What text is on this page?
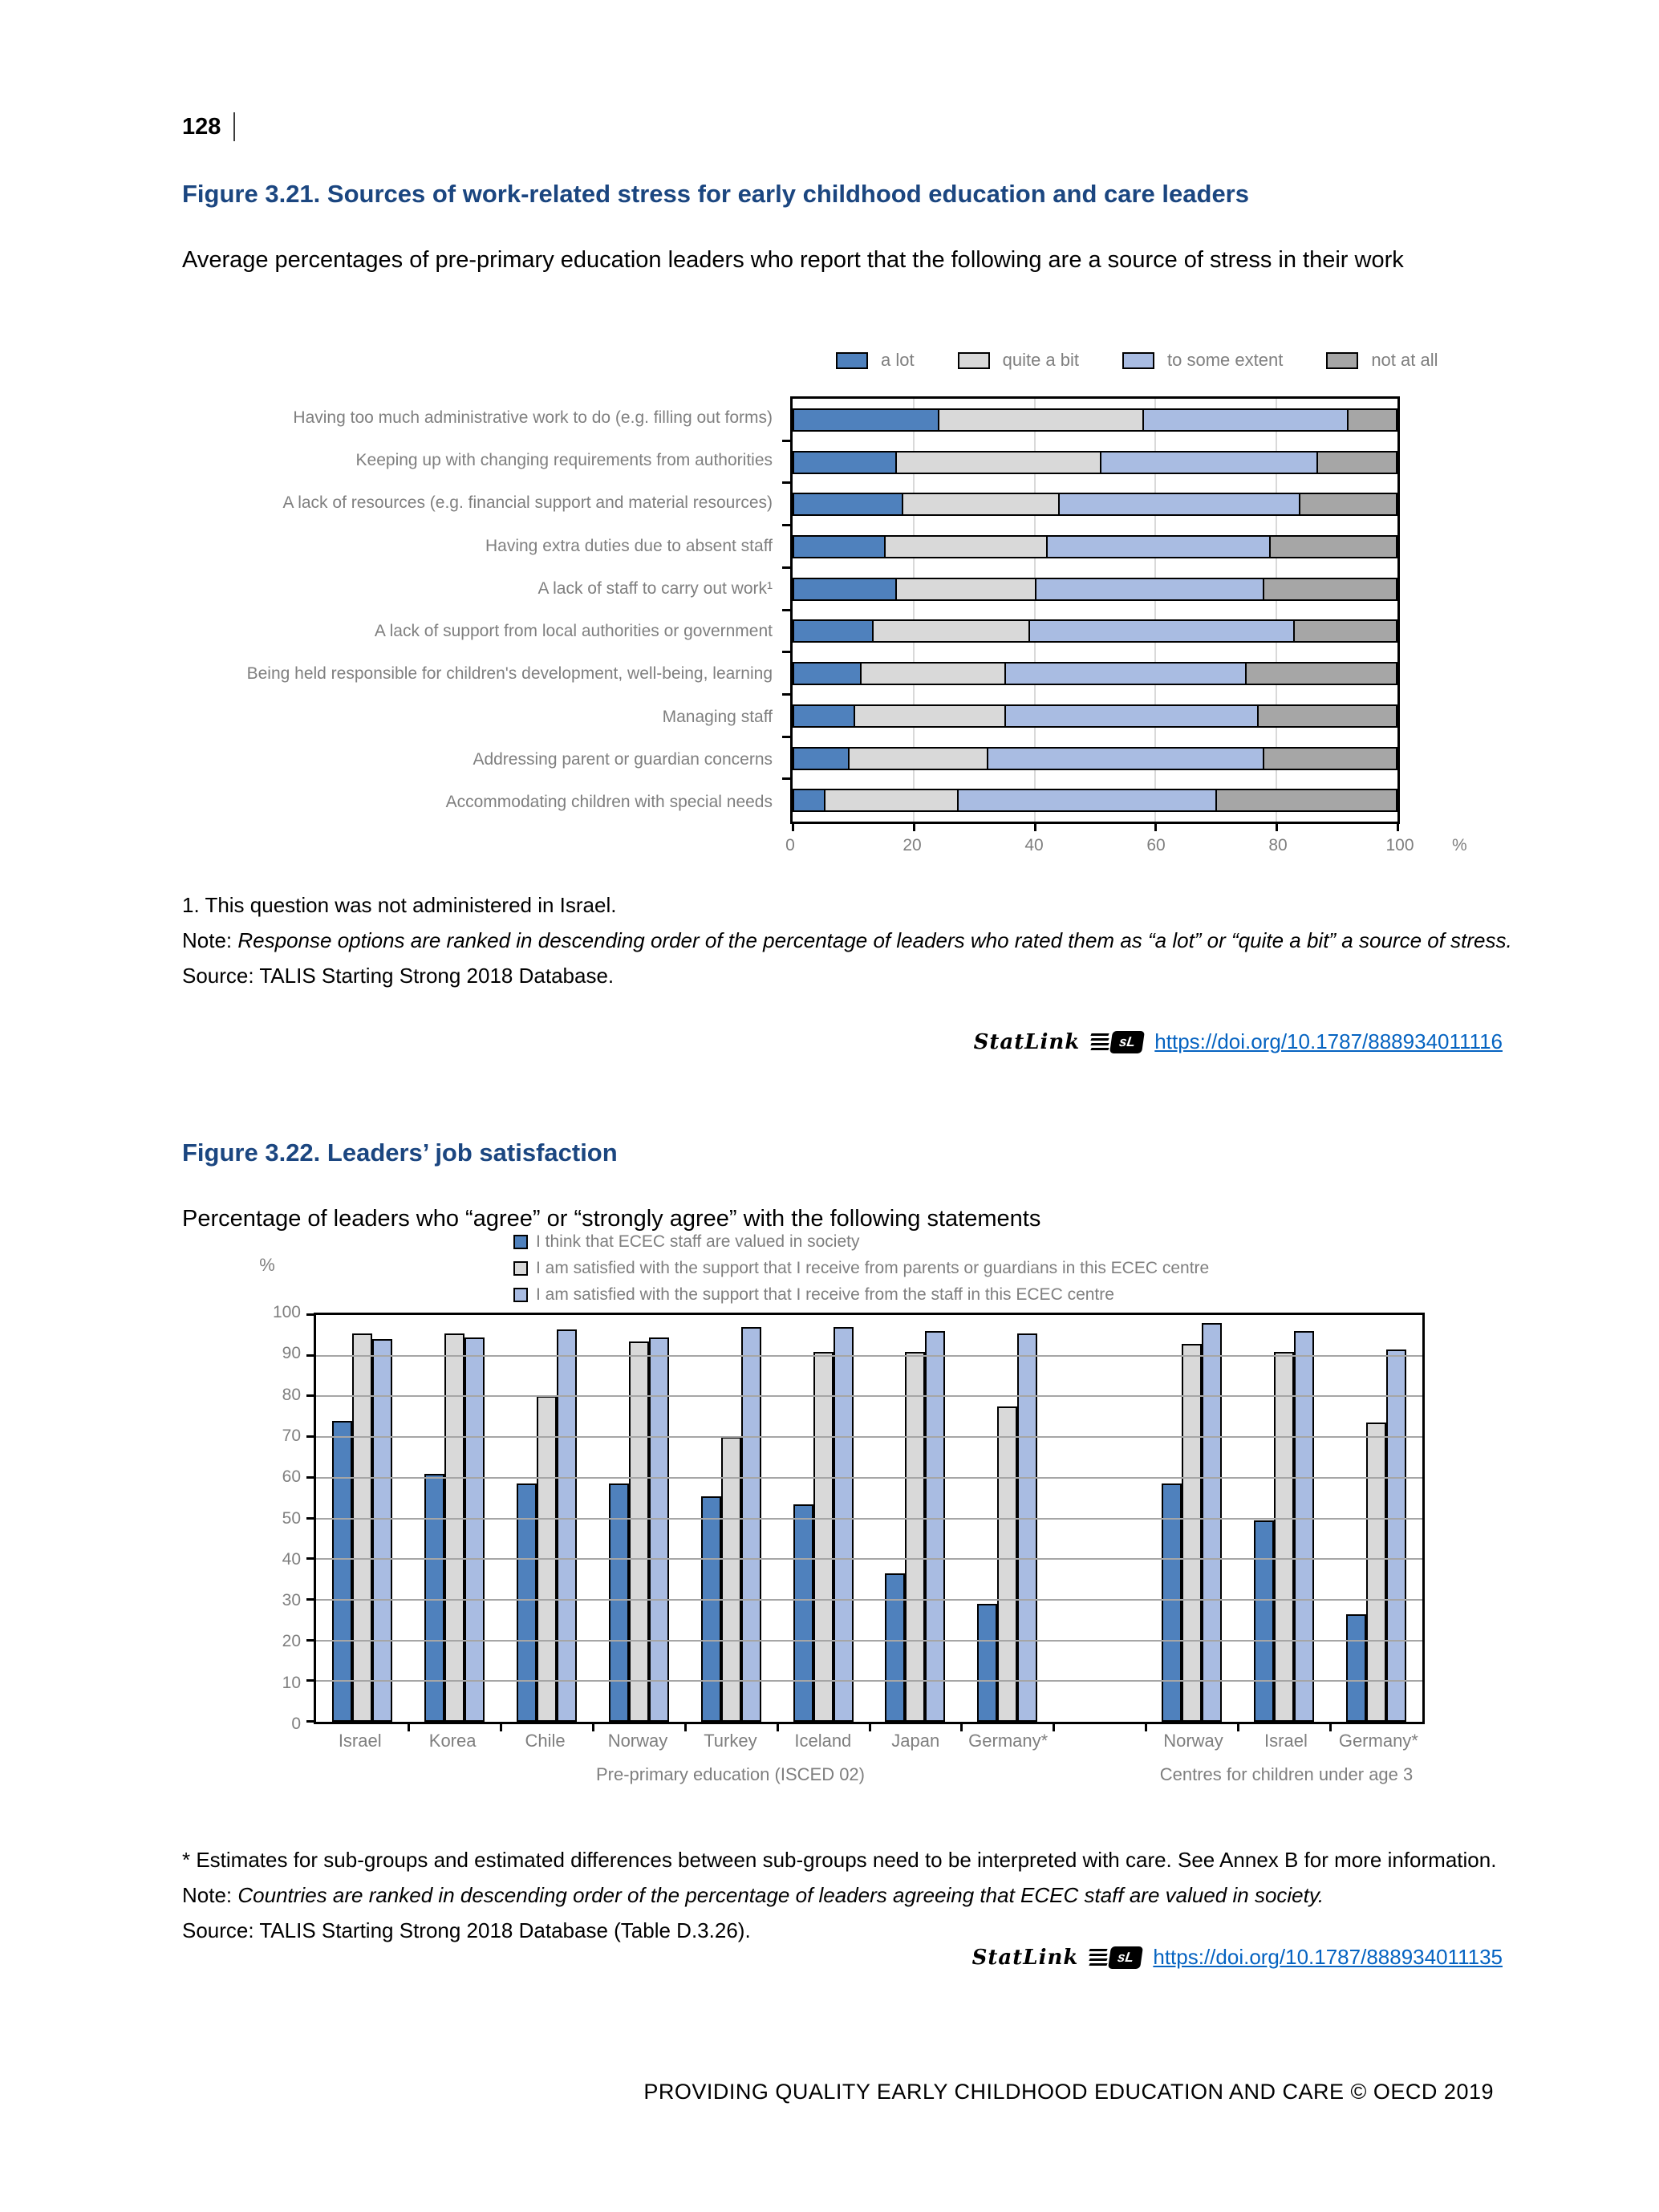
128
Figure 3.21. Sources of work-related stress for early childhood education and care leaders
Average percentages of pre-primary education leaders who report that the following are a source of stress in their work
a lot	quite a bit	to some extent	not at all
Having too much administrative work to do (e.g. filling out forms)
Keeping up with changing requirements from authorities
A lack of resources (e.g. financial support and material resources)
Having extra duties due to absent staff
A lack of staff to carry out work¹
A lack of support from local authorities or government
Being held responsible for children's development, well-being, learning
Managing staff
Addressing parent or guardian concerns
Accommodating children with special needs
0	20	40	60	80	100 %
1. This question was not administered in Israel.
Note: Response options are ranked in descending order of the percentage of leaders who rated them as “a lot” or “quite a bit” a source of stress.
Source: TALIS Starting Strong 2018 Database.
StatLink	sL https://doi.org/10.1787/888934011116
Figure 3.22. Leaders’ job satisfaction
Percentage of leaders who “agree” or “strongly agree” with the following statements
I think that ECEC staff are valued in society
I am satisfied with the support that I receive from parents or guardians in this ECEC centre
I am satisfied with the support that I receive from the staff in this ECEC centre
%
0
10
20
30
40
50
60
70
80
90
100
Israel	Korea	Chile	Norway	Turkey	Iceland	Japan	Germany*	Norway	Israel	Germany*
Pre-primary education (ISCED 02)	Centres for children under age 3
* Estimates for sub-groups and estimated differences between sub-groups need to be interpreted with care. See Annex B for more information.
Note: Countries are ranked in descending order of the percentage of leaders agreeing that ECEC staff are valued in society.
Source: TALIS Starting Strong 2018 Database (Table D.3.26).
StatLink	sL https://doi.org/10.1787/888934011135
PROVIDING QUALITY EARLY CHILDHOOD EDUCATION AND CARE © OECD 2019
